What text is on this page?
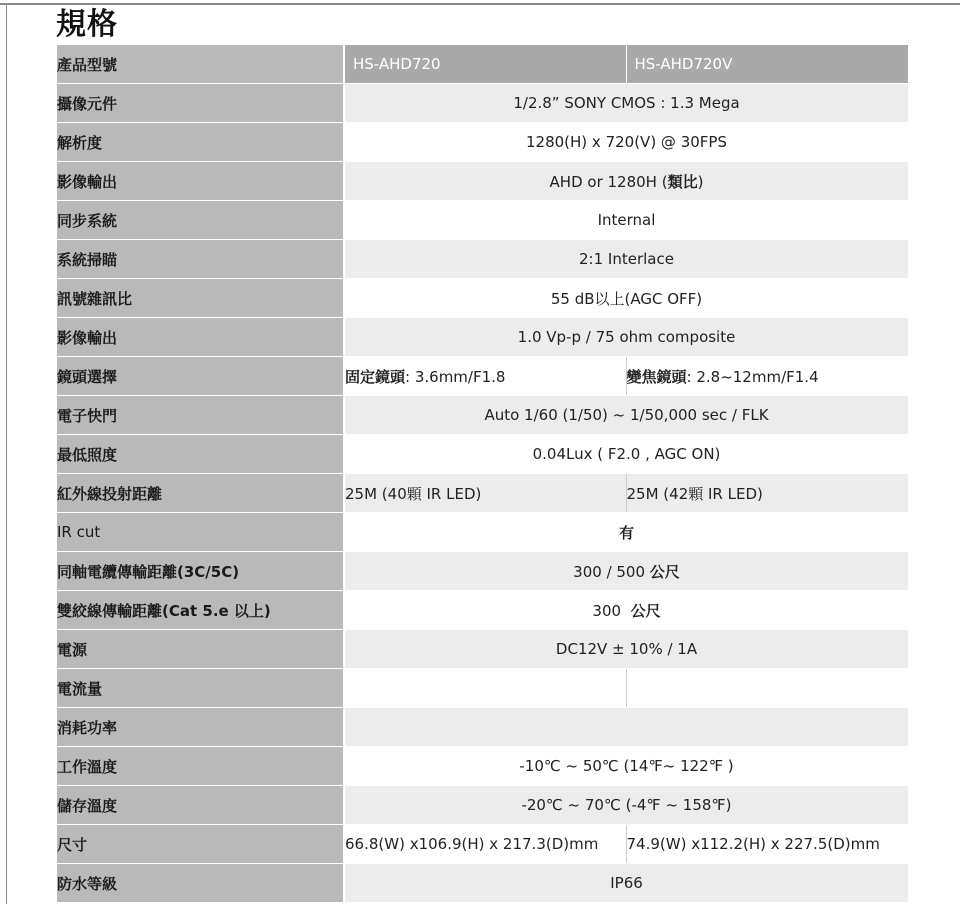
規格
產品型號	HS-AHD720	HS-AHD720V
攝像元件	1/2.8” SONY CMOS : 1.3 Mega	
解析度	1280(H) x 720(V) @ 30FPS	
影像輸出	AHD or 1280H (類比)	
同步系統	Internal	
系統掃瞄	2:1 Interlace	
訊號雜訊比	55 dB以上(AGC OFF)	
影像輸出	1.0 Vp-p / 75 ohm composite	
鏡頭選擇	固定鏡頭: 3.6mm/F1.8	變焦鏡頭: 2.8~12mm/F1.4
電子快門	Auto 1/60 (1/50) ~ 1/50,000 sec / FLK	
最低照度	0.04Lux ( F2.0 , AGC ON)	
紅外線投射距離	25M (40顆 IR LED)	25M (42顆 IR LED)
IR cut	有	
同軸電纜傳輸距離(3C/5C)	300 / 500 公尺	
雙絞線傳輸距離(Cat 5.e 以上)	300  公尺	
電源	DC12V ± 10% / 1A	
電流量		
消耗功率		
工作溫度	-10℃ ~ 50℃ (14℉~ 122℉ )	
儲存溫度	-20℃ ~ 70℃ (-4℉ ~ 158℉)	
尺寸	66.8(W) x106.9(H) x 217.3(D)mm	74.9(W) x112.2(H) x 227.5(D)mm
防水等級	IP66	
